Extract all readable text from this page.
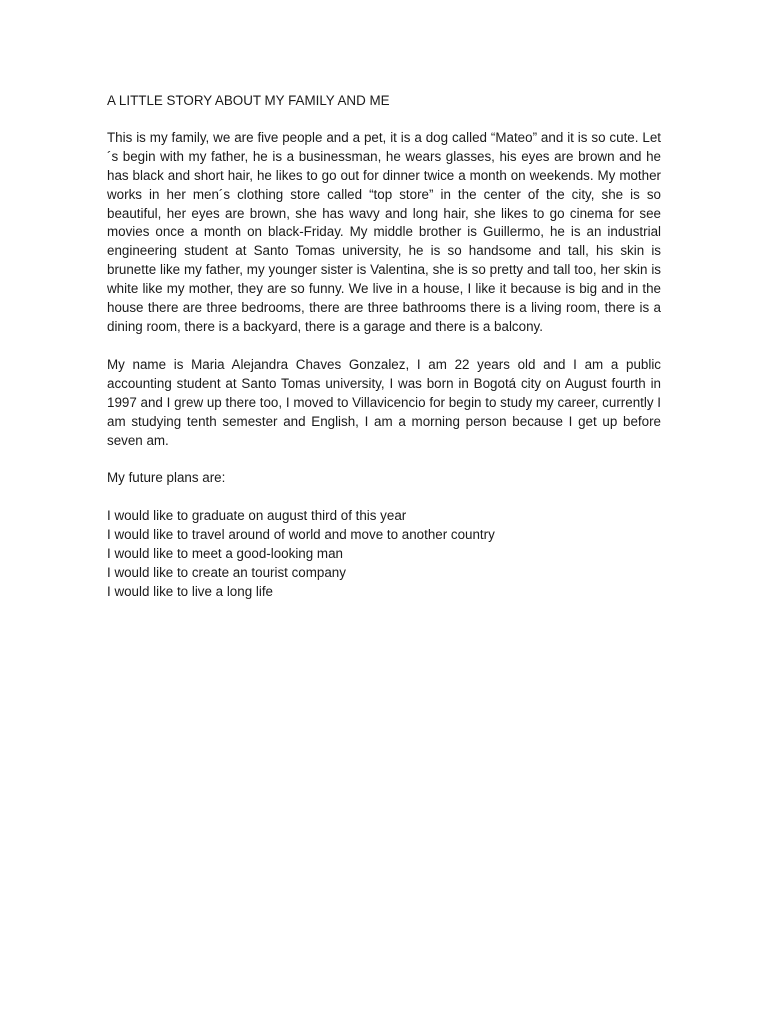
A LITTLE STORY ABOUT MY FAMILY AND ME

This is my family, we are five people and a pet, it is a dog called “Mateo” and it is so cute. Let´s begin with my father, he is a businessman, he wears glasses, his eyes are brown and he has black and short hair, he likes to go out for dinner twice a month on weekends. My mother works in her men´s clothing store called “top store” in the center of the city, she is so beautiful, her eyes are brown, she has wavy and long hair, she likes to go cinema for see movies once a month on black-Friday. My middle brother is Guillermo, he is an industrial engineering student at Santo Tomas university, he is so handsome and tall, his skin is brunette like my father, my younger sister is Valentina, she is so pretty and tall too, her skin is white like my mother, they are so funny. We live in a house, I like it because is big and in the house there are three bedrooms, there are three bathrooms there is a living room, there is a dining room, there is a backyard, there is a garage and there is a balcony.

My name is Maria Alejandra Chaves Gonzalez, I am 22 years old and I am a public accounting student at Santo Tomas university, I was born in Bogotá city on August fourth in 1997 and I grew up there too, I moved to Villavicencio for begin to study my career, currently I am studying tenth semester and English, I am a morning person because I get up before seven am.

My future plans are:

I would like to graduate on august third of this year
I would like to travel around of world and move to another country
I would like to meet a good-looking man
I would like to create an tourist company
I would like to live a long life
